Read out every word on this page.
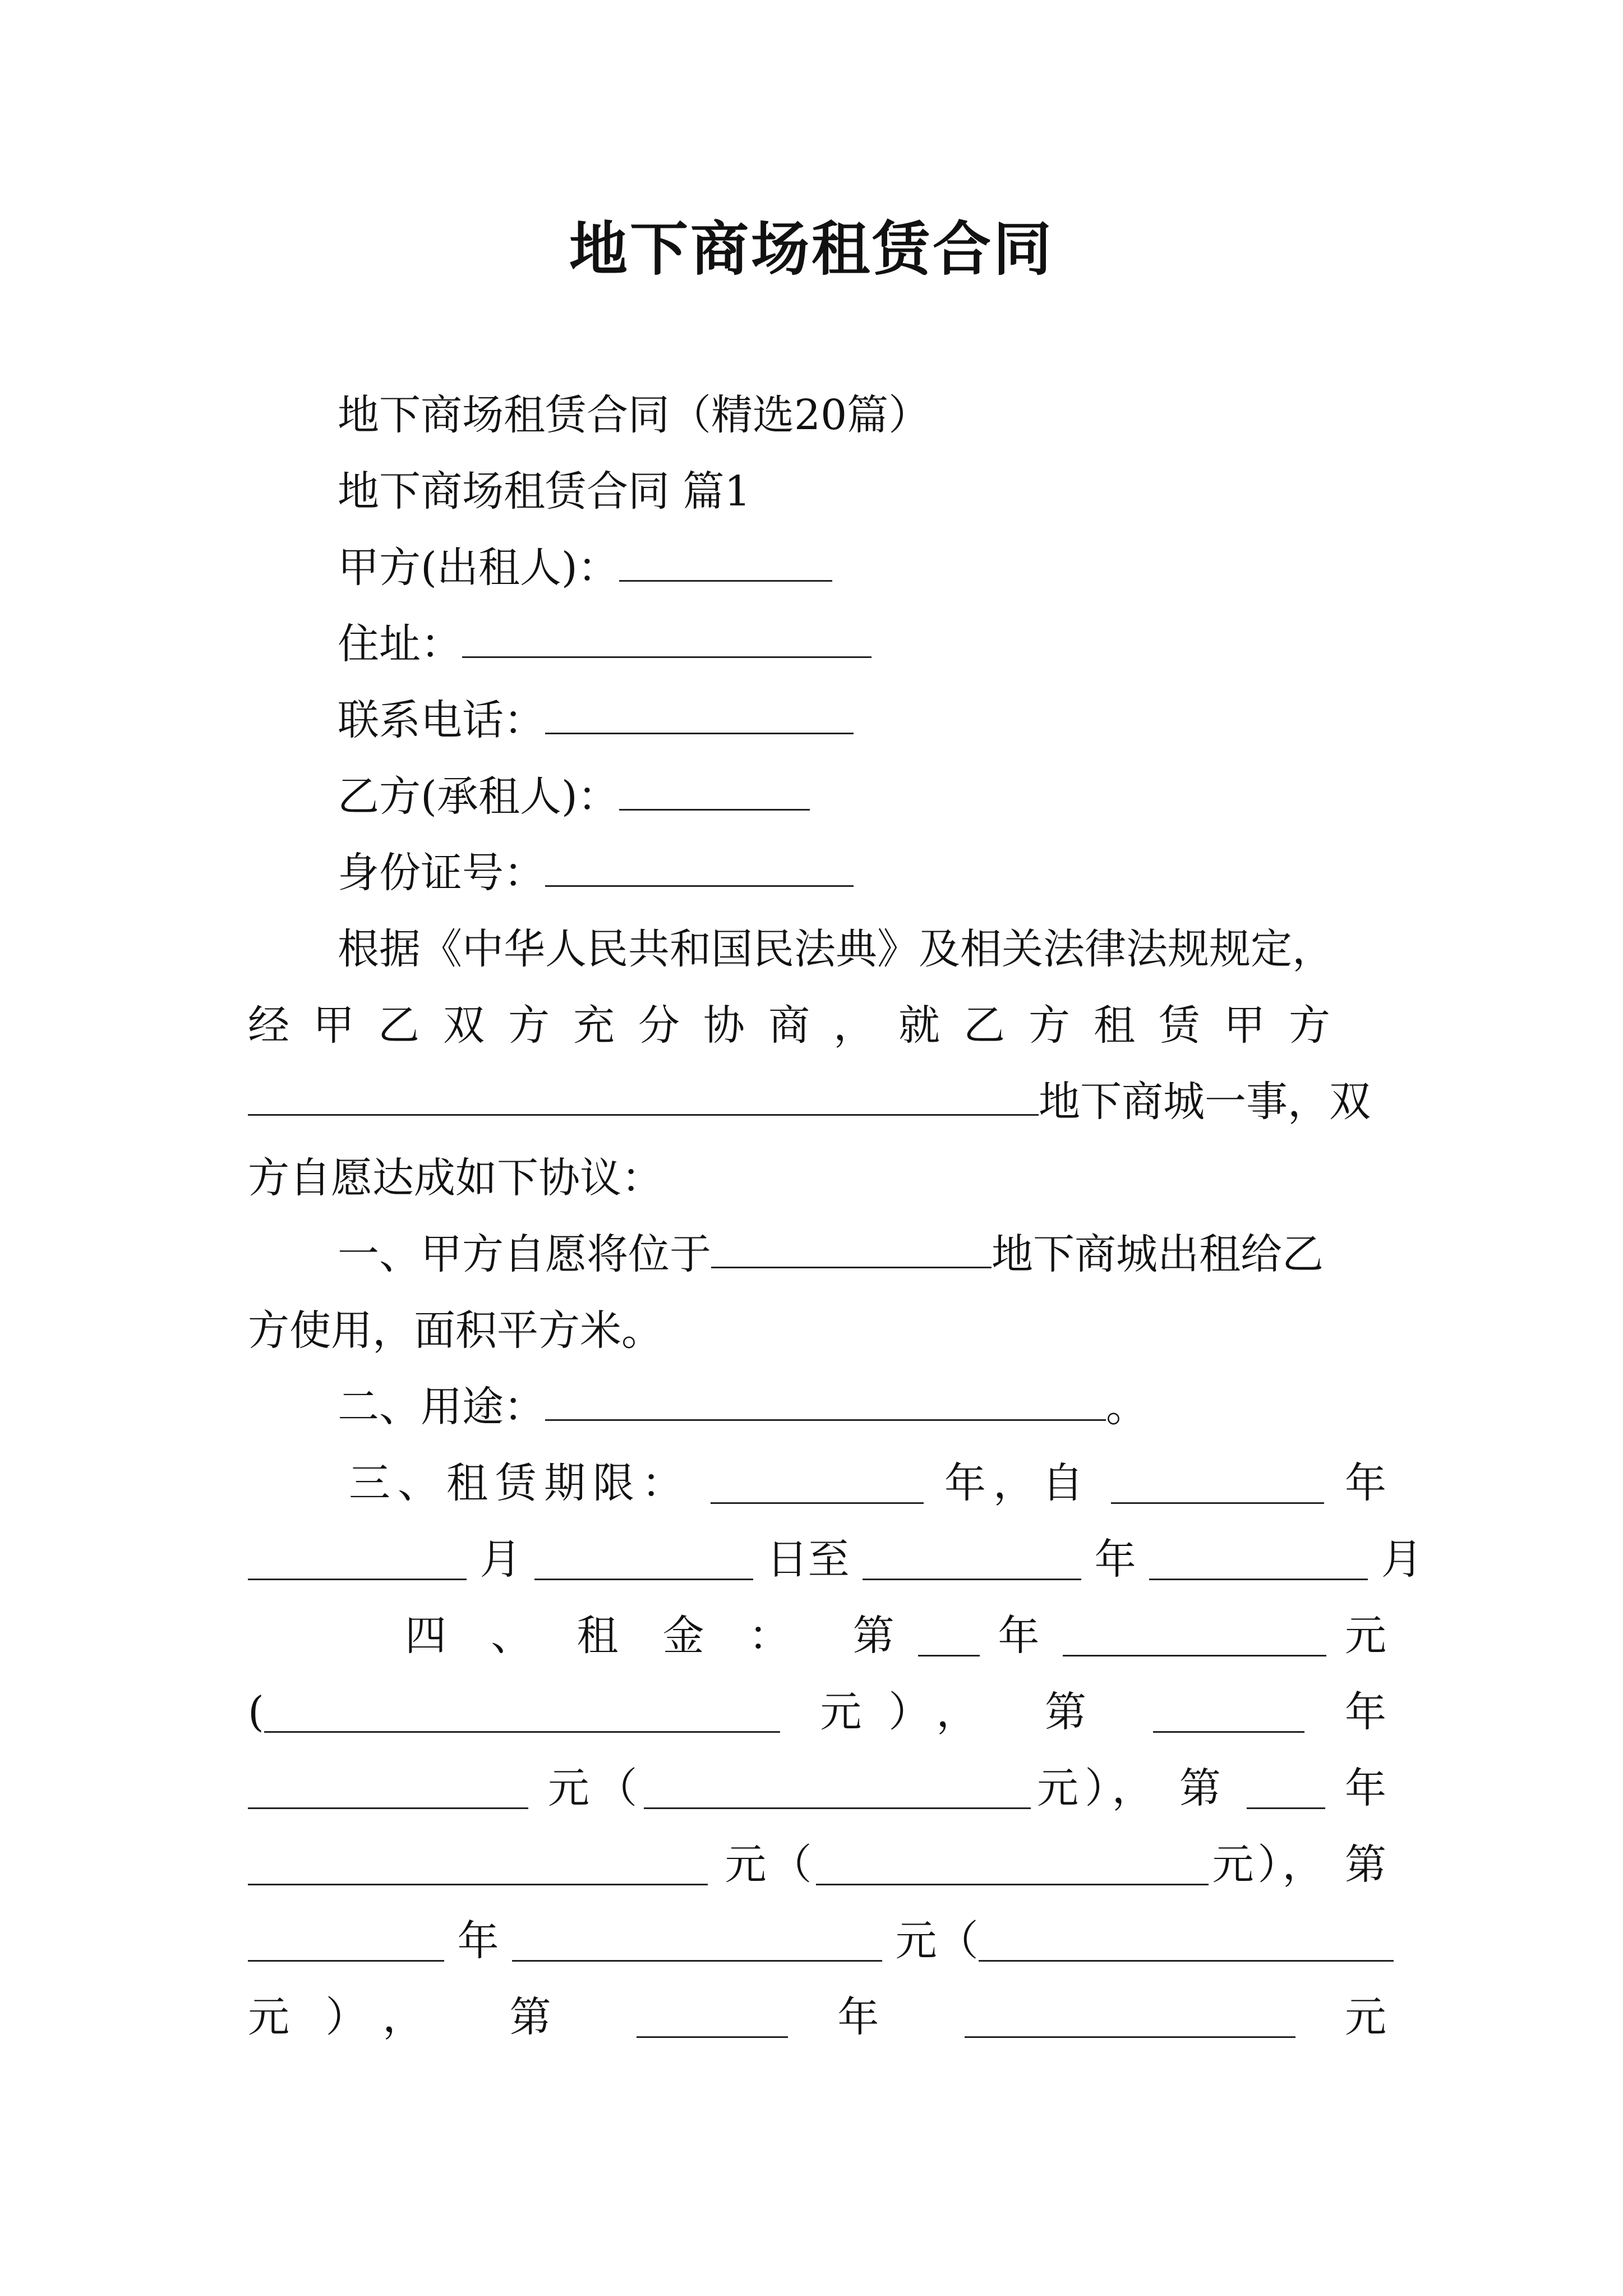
地下商场租赁合同
地下商场租赁合同（精选20篇）
地下商场租赁合同 篇1
甲方(出租人)：
住址：
联系电话：
乙方(承租人)：
身份证号：
根据《中华人民共和国民法典》及相关法律法规规定，
经甲乙双方充分协商，就乙方租赁甲方
地下商城一事，双
方自愿达成如下协议：
一、甲方自愿将位于	地下商城出租给乙
方使用，面积平方米。
二、用途：	。
三、租赁期限：	年，自	年
月	日至	年	月
四、租金： 第 年	元
(	元）， 第	年
元（	元）， 第	年
元（	元）， 第
年	元（
元）， 第	年	元
